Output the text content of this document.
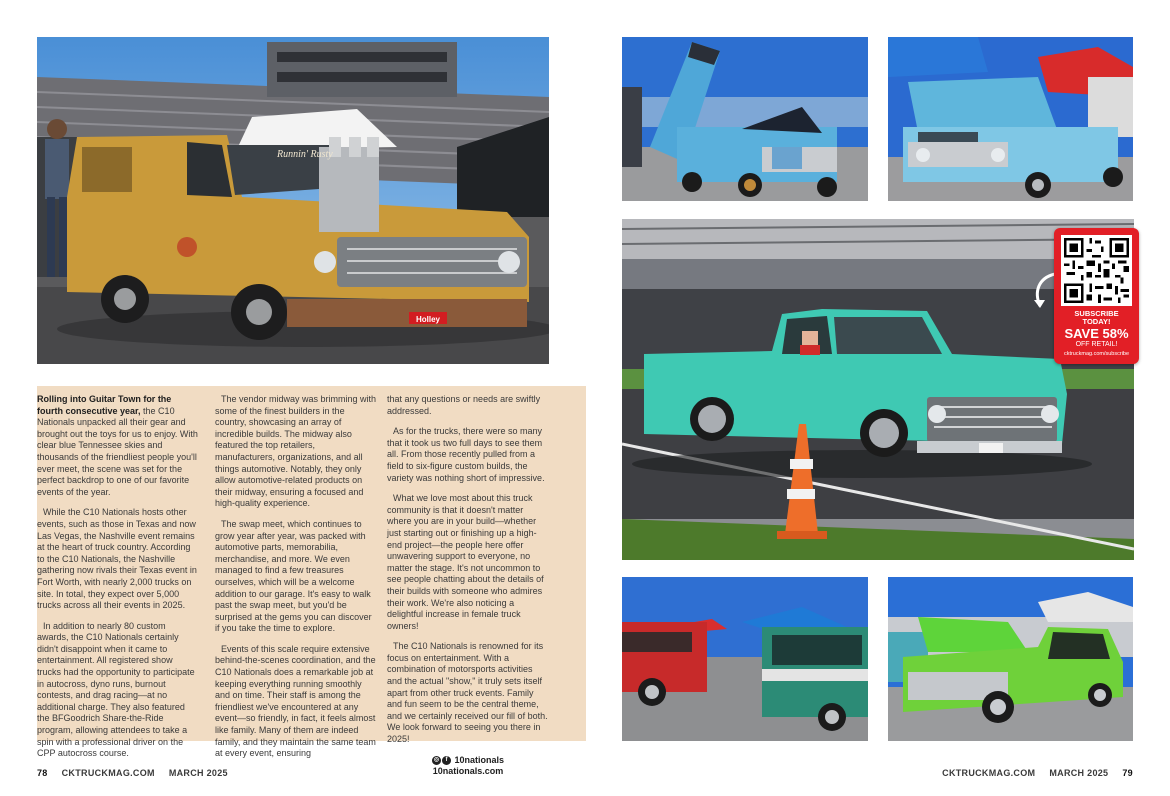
Holley
Runnin' Rusty
SUBSCRIBE
TODAY!
SAVE 58%
OFF RETAIL!
cktruckmag.com/subscribe

Rolling into Guitar Town for the fourth consecutive year, the C10 Nationals unpacked all their gear and brought out the toys for us to enjoy. With clear blue Tennessee skies and thousands of the friendliest people you'll ever meet, the scene was set for the perfect backdrop to one of our favorite events of the year.

While the C10 Nationals hosts other events, such as those in Texas and now Las Vegas, the Nashville event remains at the heart of truck country. According to the C10 Nationals, the Nashville gathering now rivals their Texas event in Fort Worth, with nearly 2,000 trucks on site. In total, they expect over 5,000 trucks across all their events in 2025.

In addition to nearly 80 custom awards, the C10 Nationals certainly didn't disappoint when it came to entertainment. All registered show trucks had the opportunity to participate in autocross, dyno runs, burnout contests, and drag racing—at no additional charge. They also featured the BFGoodrich Share-the-Ride program, allowing attendees to take a spin with a professional driver on the CPP autocross course.

The vendor midway was brimming with some of the finest builders in the country, showcasing an array of incredible builds. The midway also featured the top retailers, manufacturers, organizations, and all things automotive. Notably, they only allow automotive-related products on their midway, ensuring a focused and high-quality experience.

The swap meet, which continues to grow year after year, was packed with automotive parts, memorabilia, merchandise, and more. We even managed to find a few treasures ourselves, which will be a welcome addition to our garage. It's easy to walk past the swap meet, but you'd be surprised at the gems you can discover if you take the time to explore.

Events of this scale require extensive behind-the-scenes coordination, and the C10 Nationals does a remarkable job at keeping everything running smoothly and on time. Their staff is among the friendliest we've encountered at any event—so friendly, in fact, it feels almost like family. Many of them are indeed family, and they maintain the same team at every event, ensuring

that any questions or needs are swiftly addressed.

As for the trucks, there were so many that it took us two full days to see them all. From those recently pulled from a field to six-figure custom builds, the variety was nothing short of impressive.

What we love most about this truck community is that it doesn't matter where you are in your build—whether just starting out or finishing up a high-end project—the people here offer unwavering support to everyone, no matter the stage. It's not uncommon to see people chatting about the details of their builds with someone who admires their work. We're also noticing a delightful increase in female truck owners!

The C10 Nationals is renowned for its focus on entertainment. With a combination of motorsports activities and the actual "show," it truly sets itself apart from other truck events. Family and fun seem to be the central theme, and we certainly received our fill of both. We look forward to seeing you there in 2025!

◎ f 10nationals
10nationals.com
78 CKTRUCKMAG.COM MARCH 2025	CKTRUCKMAG.COM MARCH 2025 79
